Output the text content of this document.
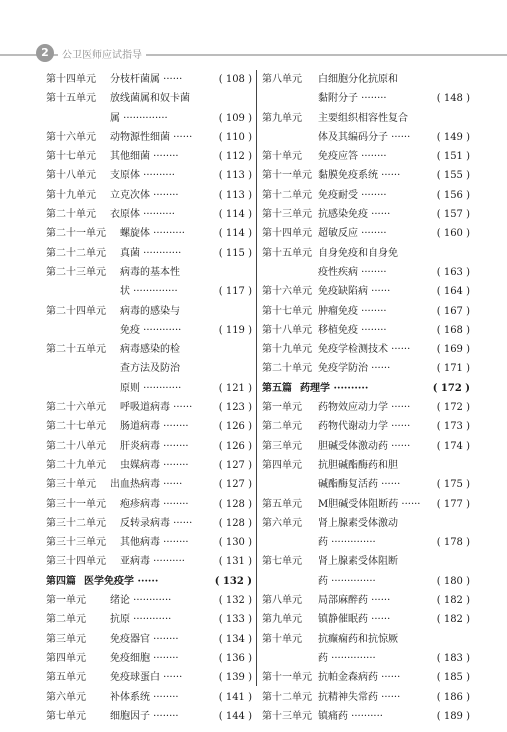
2	公卫医师应试指导
第十四单元 分枝杆菌属 ······	( 108 )
第十五单元 放线菌属和奴卡菌
属 ··············	( 109 )
第十六单元 动物源性细菌 ······	( 110 )
第十七单元 其他细菌 ········	( 112 )
第十八单元 支原体 ··········	( 113 )
第十九单元 立克次体 ········	( 113 )
第二十单元 衣原体 ··········	( 114 )
第二十一单元 螺旋体 ··········	( 114 )
第二十二单元 真菌 ············	( 115 )
第二十三单元 病毒的基本性
状 ··············	( 117 )
第二十四单元 病毒的感染与
免疫 ············	( 119 )
第二十五单元 病毒感染的检
查方法及防治
原则 ············	( 121 )
第二十六单元 呼吸道病毒 ······	( 123 )
第二十七单元 肠道病毒 ········	( 126 )
第二十八单元 肝炎病毒 ········	( 126 )
第二十九单元 虫媒病毒 ········	( 127 )
第三十单元 出血热病毒 ······	( 127 )
第三十一单元 疱疹病毒 ········	( 128 )
第三十二单元 反转录病毒 ······	( 128 )
第三十三单元 其他病毒 ········	( 130 )
第三十四单元 亚病毒 ··········	( 131 )
第四篇 医学免疫学 ······	( 132 )
第一单元 绪论 ············	( 132 )
第二单元 抗原 ············	( 133 )
第三单元 免疫器官 ········	( 134 )
第四单元 免疫细胞 ········	( 136 )
第五单元 免疫球蛋白 ······	( 139 )
第六单元 补体系统 ········	( 141 )
第七单元 细胞因子 ········	( 144 )
第八单元 白细胞分化抗原和
黏附分子 ········	( 148 )
第九单元 主要组织相容性复合
体及其编码分子 ······	( 149 )
第十单元 免疫应答 ········	( 151 )
第十一单元 黏膜免疫系统 ······	( 155 )
第十二单元 免疫耐受 ········	( 156 )
第十三单元 抗感染免疫 ······	( 157 )
第十四单元 超敏反应 ········	( 160 )
第十五单元 自身免疫和自身免
疫性疾病 ········	( 163 )
第十六单元 免疫缺陷病 ······	( 164 )
第十七单元 肿瘤免疫 ········	( 167 )
第十八单元 移植免疫 ········	( 168 )
第十九单元 免疫学检测技术 ······	( 169 )
第二十单元 免疫学防治 ······	( 171 )
第五篇 药理学 ··········	( 172 )
第一单元 药物效应动力学 ······	( 172 )
第二单元 药物代谢动力学 ······	( 173 )
第三单元 胆碱受体激动药 ······	( 174 )
第四单元 抗胆碱酯酶药和胆
碱酯酶复活药 ······	( 175 )
第五单元 M胆碱受体阻断药 ······ ( 177 )
第六单元 肾上腺素受体激动
药 ··············	( 178 )
第七单元 肾上腺素受体阻断
药 ··············	( 180 )
第八单元 局部麻醉药 ······	( 182 )
第九单元 镇静催眠药 ······	( 182 )
第十单元 抗癫痫药和抗惊厥
药 ··············	( 183 )
第十一单元 抗帕金森病药 ······	( 185 )
第十二单元 抗精神失常药 ······	( 186 )
第十三单元 镇痛药 ··········	( 189 )
